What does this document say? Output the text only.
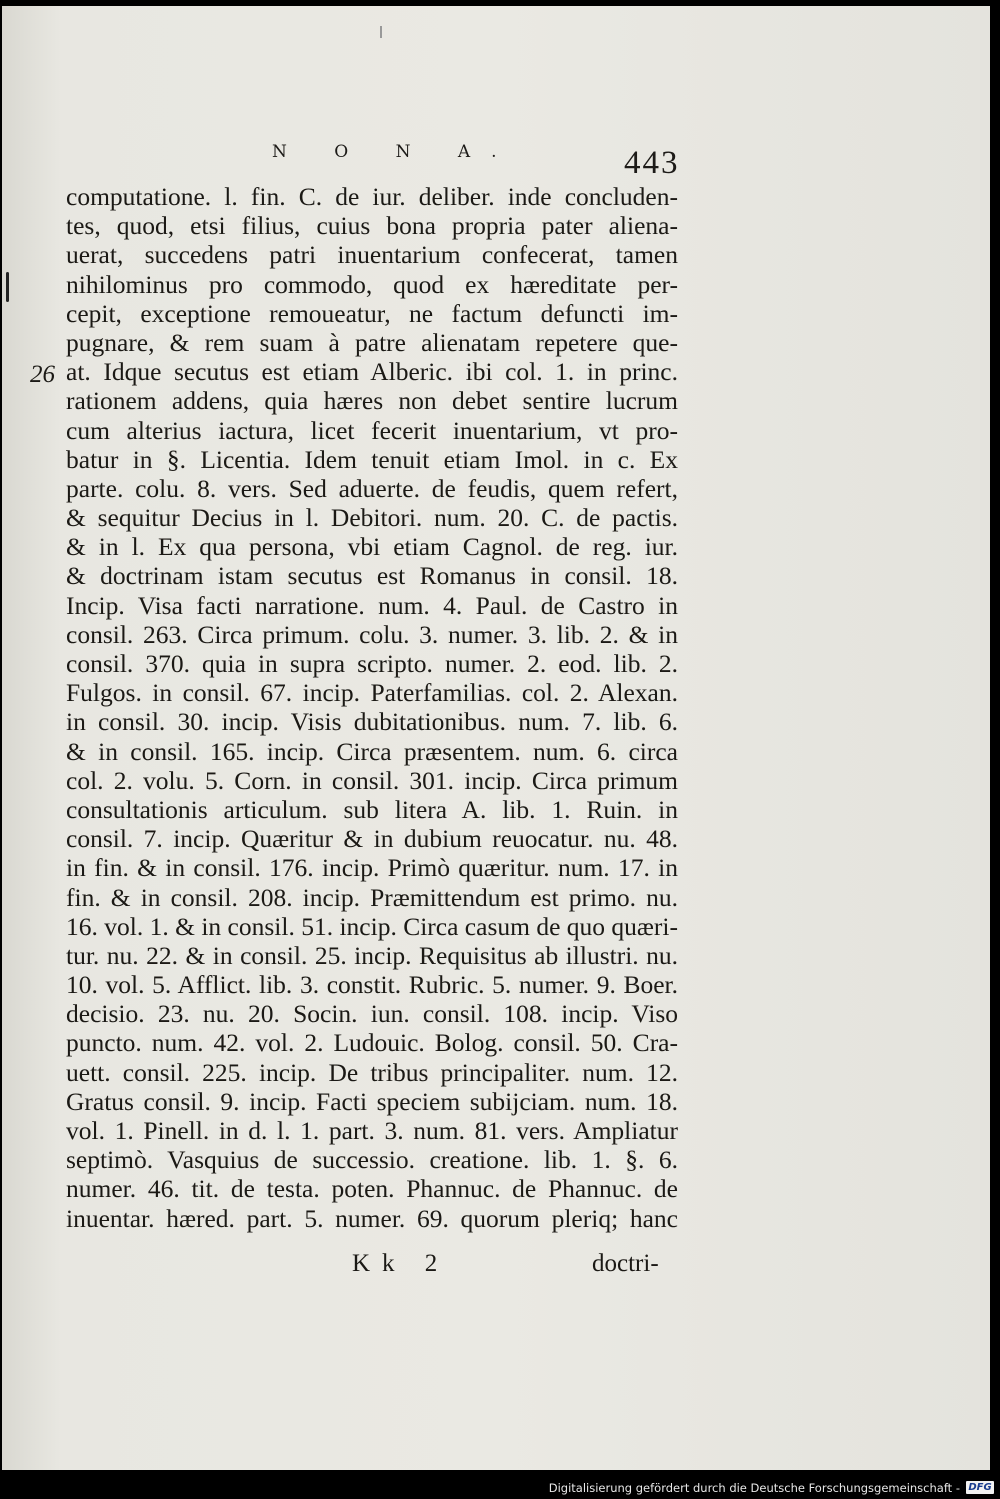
N O N A.	443
26
computatione. l. fin. C. de iur. deliber. inde concluden-
tes, quod, etsi filius, cuius bona propria pater aliena-
uerat, succedens patri inuentarium confecerat, tamen
nihilominus pro commodo, quod ex hæreditate per-
cepit, exceptione remoueatur, ne factum defuncti im-
pugnare, & rem suam à patre alienatam repetere que-
at. Idque secutus est etiam Alberic. ibi col. 1. in princ.
rationem addens, quia hæres non debet sentire lucrum
cum alterius iactura, licet fecerit inuentarium, vt pro-
batur in §. Licentia. Idem tenuit etiam Imol. in c. Ex
parte. colu. 8. vers. Sed aduerte. de feudis, quem refert,
& sequitur Decius in l. Debitori. num. 20. C. de pactis.
& in l. Ex qua persona, vbi etiam Cagnol. de reg. iur.
& doctrinam istam secutus est Romanus in consil. 18.
Incip. Visa facti narratione. num. 4. Paul. de Castro in
consil. 263. Circa primum. colu. 3. numer. 3. lib. 2. & in
consil. 370. quia in supra scripto. numer. 2. eod. lib. 2.
Fulgos. in consil. 67. incip. Paterfamilias. col. 2. Alexan.
in consil. 30. incip. Visis dubitationibus. num. 7. lib. 6.
& in consil. 165. incip. Circa præsentem. num. 6. circa
col. 2. volu. 5. Corn. in consil. 301. incip. Circa primum
consultationis articulum. sub litera A. lib. 1. Ruin. in
consil. 7. incip. Quæritur & in dubium reuocatur. nu. 48.
in fin. & in consil. 176. incip. Primò quæritur. num. 17. in
fin. & in consil. 208. incip. Præmittendum est primo. nu.
16. vol. 1. & in consil. 51. incip. Circa casum de quo quæri-
tur. nu. 22. & in consil. 25. incip. Requisitus ab illustri. nu.
10. vol. 5. Afflict. lib. 3. constit. Rubric. 5. numer. 9. Boer.
decisio. 23. nu. 20. Socin. iun. consil. 108. incip. Viso
puncto. num. 42. vol. 2. Ludouic. Bolog. consil. 50. Cra-
uett. consil. 225. incip. De tribus principaliter. num. 12.
Gratus consil. 9. incip. Facti speciem subijciam. num. 18.
vol. 1. Pinell. in d. l. 1. part. 3. num. 81. vers. Ampliatur
septimò. Vasquius de successio. creatione. lib. 1. §. 6.
numer. 46. tit. de testa. poten. Phannuc. de Phannuc. de
inuentar. hæred. part. 5. numer. 69. quorum pleriq; hanc
Kk 2	doctri-
Digitalisierung gefördert durch die Deutsche Forschungsgemeinschaft - DFG
